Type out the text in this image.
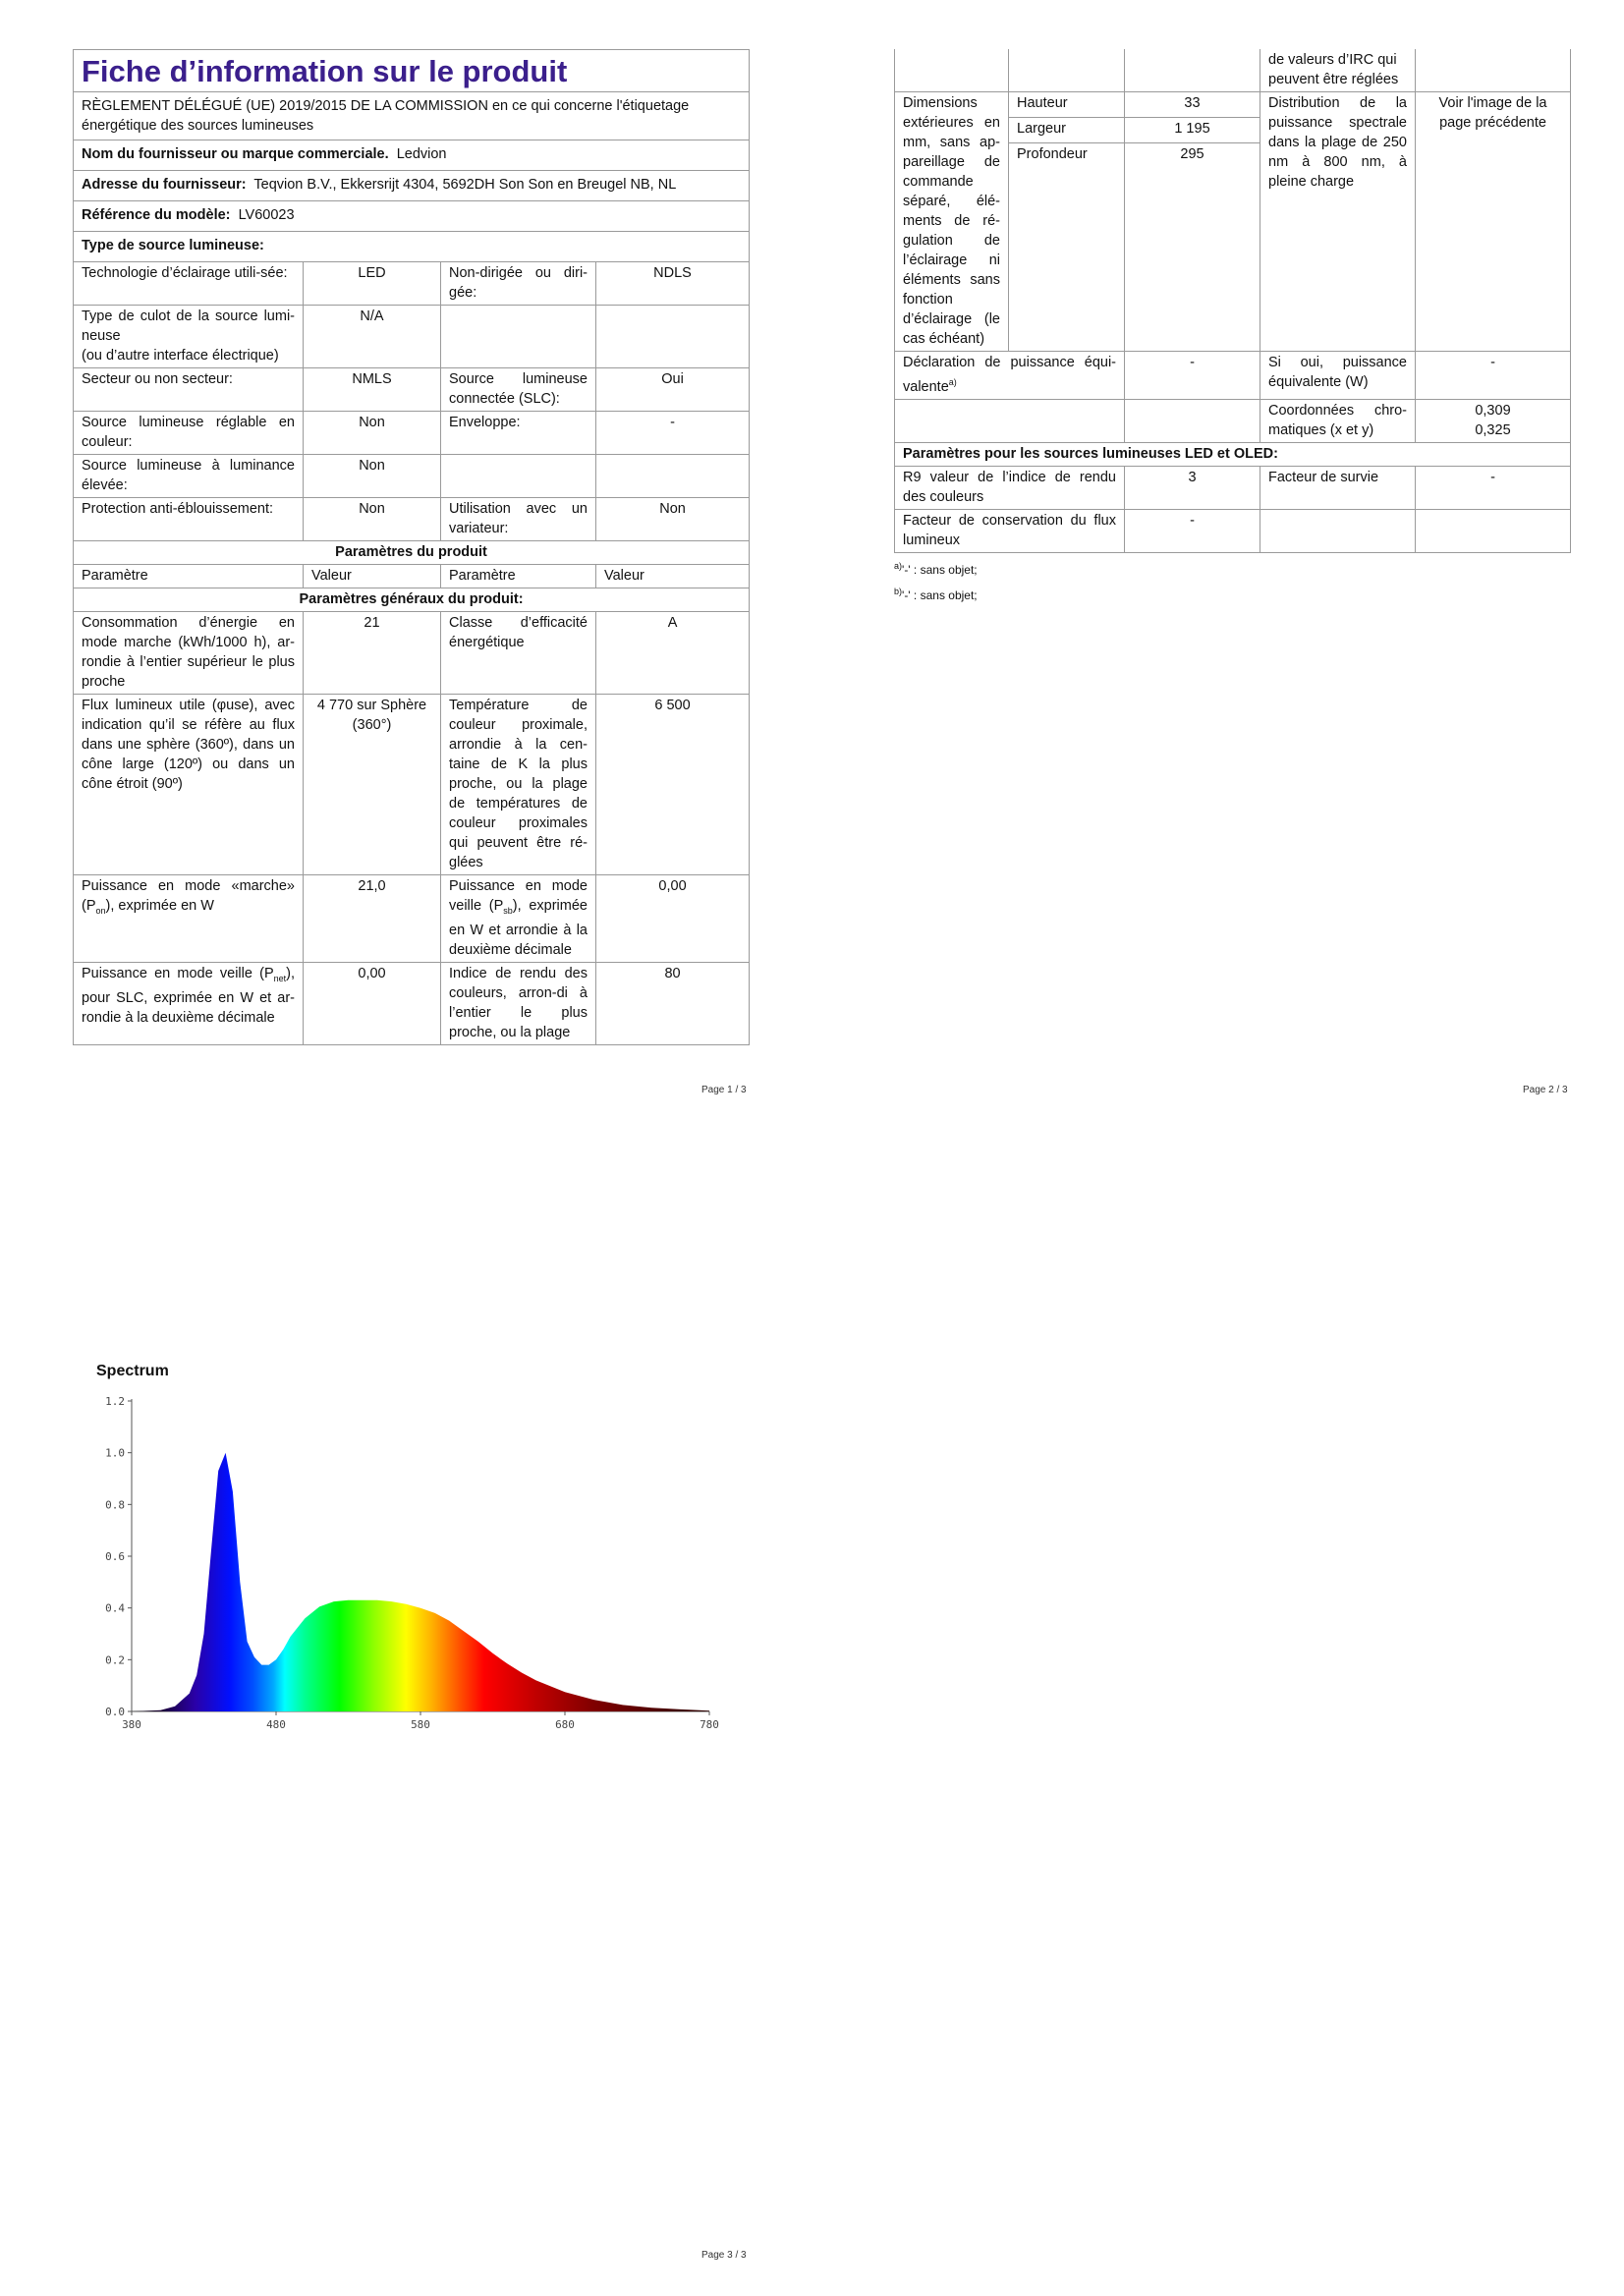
Fiche d’information sur le produit			
RÈGLEMENT DÉLÉGUÉ (UE) 2019/2015 DE LA COMMISSION en ce qui concerne l'étiquetage énergétique des sources lumineuses			
Nom du fournisseur ou marque commerciale. Ledvion			
Adresse du fournisseur: Teqvion B.V., Ekkersrijt 4304, 5692DH Son Son en Breugel NB, NL			
Référence du modèle: LV60023			
Type de source lumineuse:			
Technologie d’éclairage utili-sée:	LED	Non-dirigée ou diri-gée:	NDLS
Type de culot de la source lumi-neuse
(ou d’autre interface électrique)	N/A		
Secteur ou non secteur:	NMLS	Source lumineuse connectée (SLC):	Oui
Source lumineuse réglable en couleur:	Non	Enveloppe:	-
Source lumineuse à luminance élevée:	Non		
Protection anti-éblouissement:	Non	Utilisation avec un variateur:	Non
Paramètres du produit			
Paramètre	Valeur	Paramètre	Valeur
Paramètres généraux du produit:			
Consommation d’énergie en mode marche (kWh/1000 h), ar-rondie à l’entier supérieur le plus proche	21	Classe d’efficacité énergétique	A
Flux lumineux utile (φuse), avec indication qu’il se réfère au flux dans une sphère (360º), dans un cône large (120º) ou dans un cône étroit (90º)	4 770 sur Sphère (360°)	Température de couleur proximale, arrondie à la cen-taine de K la plus proche, ou la plage de températures de couleur proximales qui peuvent être ré-glées	6 500
Puissance en mode «marche» $(P_{on})$, exprimée en W	21,0	Puissance en mode veille $(P_{sb})$, exprimée en W et arrondie à la deuxième décimale	0,00
Puissance en mode veille $(P_{net})$, pour SLC, exprimée en W et ar-rondie à la deuxième décimale	0,00	Indice de rendu des couleurs, arron-di à l’entier le plus proche, ou la plage	80
Page 1 / 3
			de valeurs d’IRC qui peuvent être réglées	
Dimensions extérieures en mm, sans ap-pareillage de commande séparé, élé-ments de ré-gulation de l’éclairage ni éléments sans fonction d’éclairage (le cas échéant)	Hauteur	33	Distribution de la puissance spectrale dans la plage de 250 nm à 800 nm, à pleine charge	Voir l'image de la page précédente
	Largeur	1 195		
	Profondeur	295		
Déclaration de puissance équi-valente$^{a)}$		-	Si oui, puissance équivalente (W)	-
			Coordonnées chro-matiques (x et y)	0,309
0,325
Paramètres pour les sources lumineuses LED et OLED:				
R9 valeur de l’indice de rendu des couleurs		3	Facteur de survie	-
Facteur de conservation du flux lumineux		-		
$^{a)}$'-' : sans objet;
$^{b)}$'-' : sans objet;
Page 2 / 3
Spectrum
380	480	580	680	780
0.0
0.2
0.4
0.6
0.8
1.0
1.2
Page 3 / 3
